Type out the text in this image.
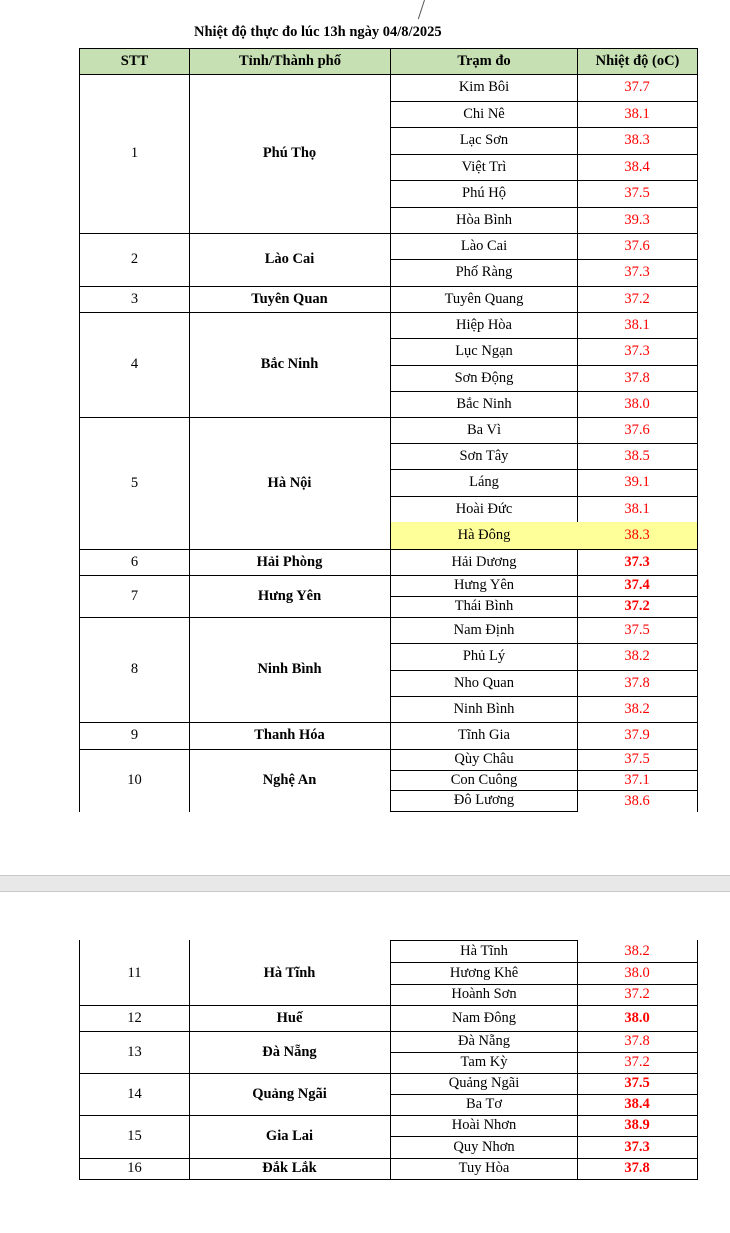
Nhiệt độ thực đo lúc 13h ngày 04/8/2025
STT	Tỉnh/Thành phố	Trạm đo	Nhiệt độ (oC)
1	Phú Thọ
Kim Bôi	37.7
Chi Nê	38.1
Lạc Sơn	38.3
Việt Trì	38.4
Phú Hộ	37.5
Hòa Bình	39.3
2	Lào Cai
Lào Cai	37.6
Phố Ràng	37.3
3	Tuyên Quan	Tuyên Quang	37.2
4	Bắc Ninh
Hiệp Hòa	38.1
Lục Ngạn	37.3
Sơn Động	37.8
Bắc Ninh	38.0
5	Hà Nội
Ba Vì	37.6
Sơn Tây	38.5
Láng	39.1
Hoài Đức	38.1
Hà Đông	38.3
6	Hải Phòng	Hải Dương	37.3
7	Hưng Yên
Hưng Yên	37.4
Thái Bình	37.2
8	Ninh Bình
Nam Định	37.5
Phủ Lý	38.2
Nho Quan	37.8
Ninh Bình	38.2
9	Thanh Hóa	Tĩnh Gia	37.9
10	Nghệ An
Qùy Châu	37.5
Con Cuông	37.1
Đô Lương	38.6
11	Hà Tĩnh
Hà Tĩnh	38.2
Hương Khê	38.0
Hoành Sơn	37.2
12	Huế	Nam Đông	38.0
13	Đà Nẵng
Đà Nẵng	37.8
Tam Kỳ	37.2
14	Quảng Ngãi
Quảng Ngãi	37.5
Ba Tơ	38.4
15	Gia Lai
Hoài Nhơn	38.9
Quy Nhơn	37.3
16	Đắk Lắk	Tuy Hòa	37.8
